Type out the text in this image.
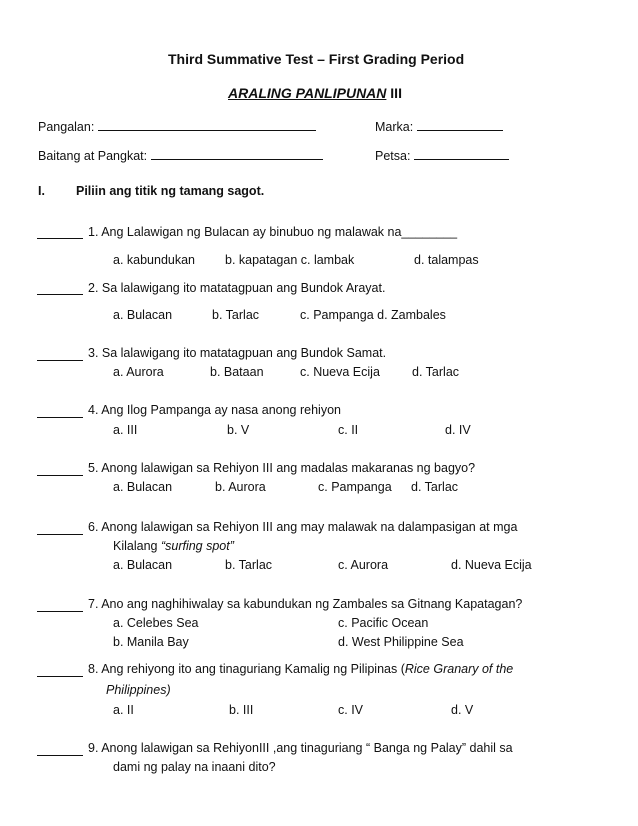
Third Summative Test – First Grading Period
ARALING PANLIPUNAN III
Pangalan:	Marka:
Baitang at Pangkat:	Petsa:
I. Piliin ang titik ng tamang sagot.
1. Ang Lalawigan ng Bulacan ay binubuo ng malawak na________
a. kabundukan b. kapatagan c. lambak	d. talampas
2. Sa lalawigang ito matatagpuan ang Bundok Arayat.
a. Bulacan	b. Tarlac	c. Pampanga d. Zambales
3. Sa lalawigang ito matatagpuan ang Bundok Samat.
a. Aurora	b. Bataan	c. Nueva Ecija	d. Tarlac
4. Ang Ilog Pampanga ay nasa anong rehiyon
a. III	b. V	c. II	d. IV
5. Anong lalawigan sa Rehiyon III ang madalas makaranas ng bagyo?
a. Bulacan	b. Aurora	c. Pampanga d. Tarlac
6. Anong lalawigan sa Rehiyon III ang may malawak na dalampasigan at mga
Kilalang “surfing spot”
a. Bulacan	b. Tarlac	c. Aurora	d. Nueva Ecija
7. Ano ang naghihiwalay sa kabundukan ng Zambales sa Gitnang Kapatagan?
a. Celebes Sea	c. Pacific Ocean
b. Manila Bay	d. West Philippine Sea
8. Ang rehiyong ito ang tinaguriang Kamalig ng Pilipinas (Rice Granary of the
Philippines)
a. II	b. III	c. IV	d. V
9. Anong lalawigan sa RehiyonIII ,ang tinaguriang “ Banga ng Palay” dahil sa
dami ng palay na inaani dito?
